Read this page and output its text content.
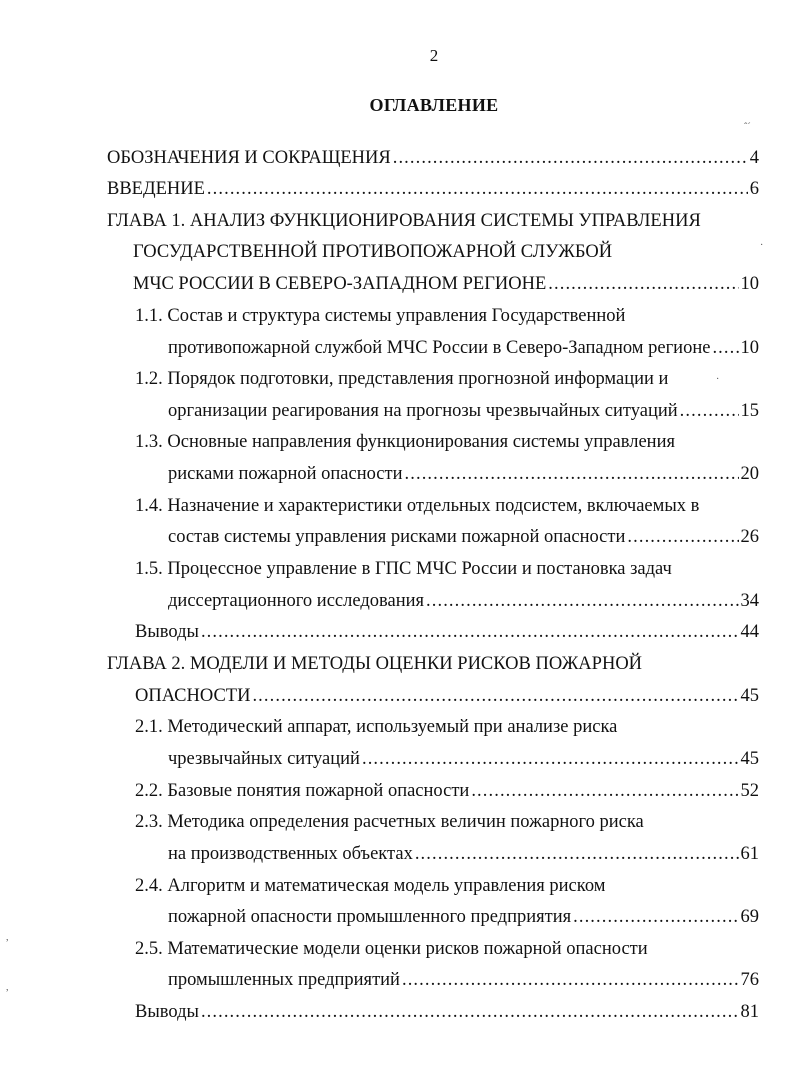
2
ОГЛАВЛЕНИЕ
ОБОЗНАЧЕНИЯ И СОКРАЩЕНИЯ .....	4
ВВЕДЕНИЕ .....	6
ГЛАВА 1. АНАЛИЗ ФУНКЦИОНИРОВАНИЯ СИСТЕМЫ УПРАВЛЕНИЯ
ГОСУДАРСТВЕННОЙ ПРОТИВОПОЖАРНОЙ СЛУЖБОЙ
МЧС РОССИИ В СЕВЕРО-ЗАПАДНОМ РЕГИОНЕ .....	10
1.1. Состав и структура системы управления Государственной
противопожарной службой МЧС России в Северо-Западном регионе ..... 10
1.2. Порядок подготовки, представления прогнозной информации и
организации реагирования на прогнозы чрезвычайных ситуаций .....	15
1.3. Основные направления функционирования системы управления
рисками пожарной опасности .....	20
1.4. Назначение и характеристики отдельных подсистем, включаемых в
состав системы управления рисками пожарной опасности .....	26
1.5. Процессное управление в ГПС МЧС России и постановка задач
диссертационного исследования .....	34
Выводы .....	44
ГЛАВА 2. МОДЕЛИ И МЕТОДЫ ОЦЕНКИ РИСКОВ ПОЖАРНОЙ
ОПАСНОСТИ .....	45
2.1. Методический аппарат, используемый при анализе риска
чрезвычайных ситуаций .....	45
2.2. Базовые понятия пожарной опасности .....	52
2.3. Методика определения расчетных величин пожарного риска
на производственных объектах .....	61
2.4. Алгоритм и математическая модель управления риском
пожарной опасности промышленного предприятия .....	69
2.5. Математические модели оценки рисков пожарной опасности
промышленных предприятий .....	76
Выводы .....	81
ˆ´
·
·
,
,
